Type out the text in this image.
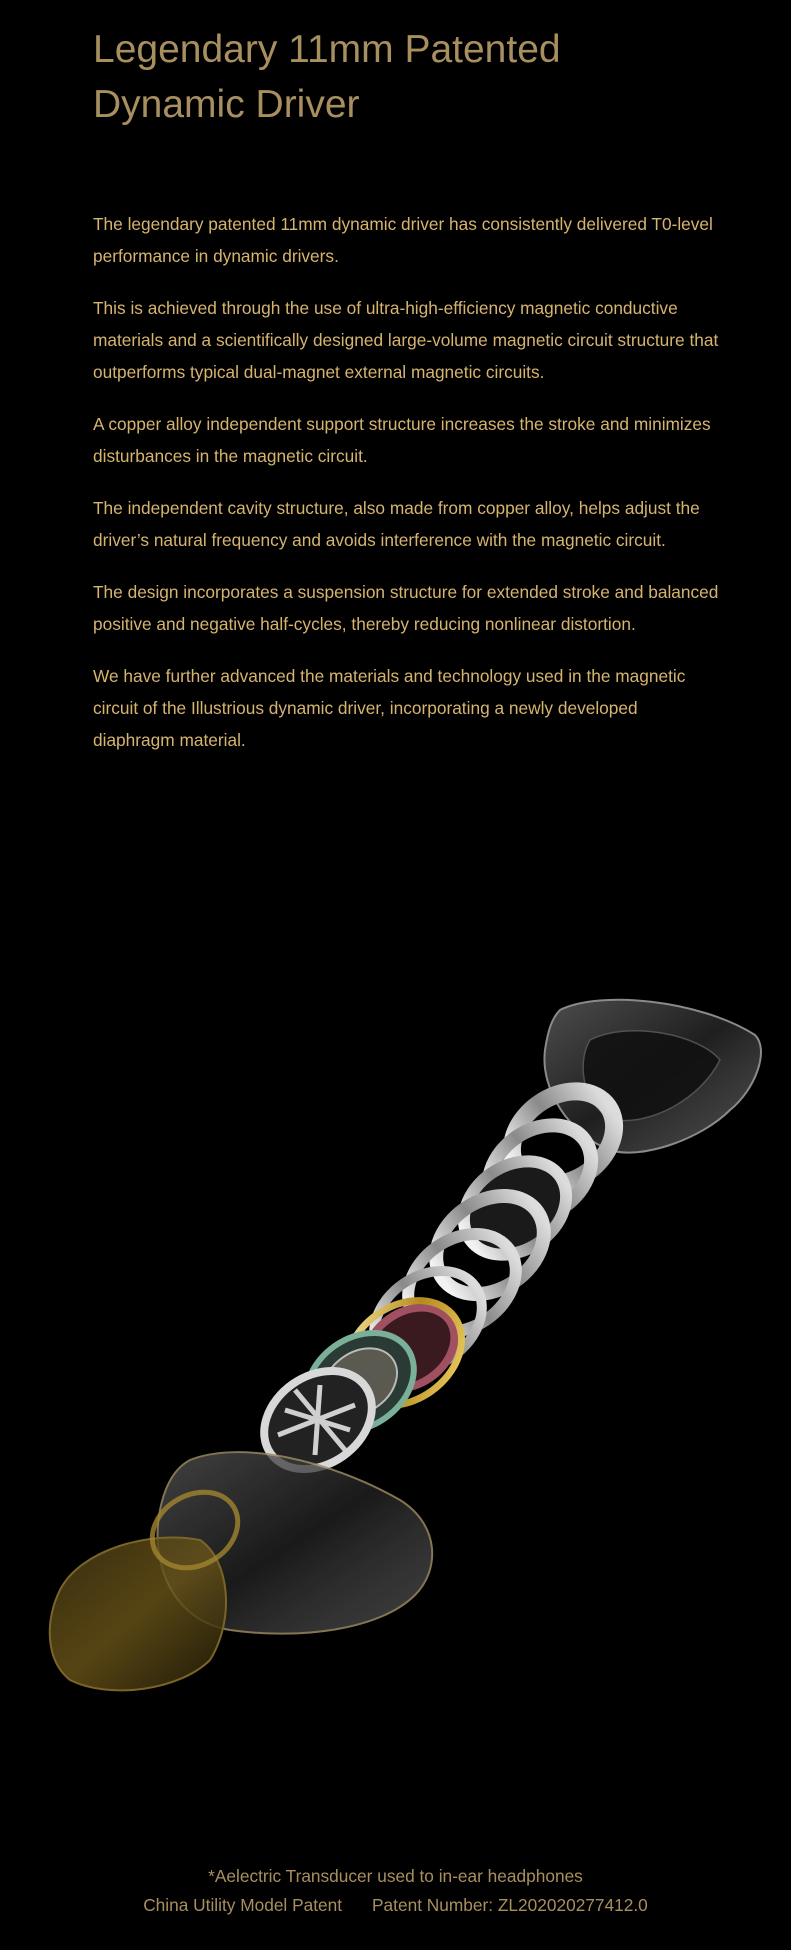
Legendary 11mm Patented Dynamic Driver

The legendary patented 11mm dynamic driver has consistently delivered T0-level performance in dynamic drivers.

This is achieved through the use of ultra-high-efficiency magnetic conductive materials and a scientifically designed large-volume magnetic circuit structure that outperforms typical dual-magnet external magnetic circuits.

A copper alloy independent support structure increases the stroke and minimizes disturbances in the magnetic circuit.

The independent cavity structure, also made from copper alloy, helps adjust the driver’s natural frequency and avoids interference with the magnetic circuit.

The design incorporates a suspension structure for extended stroke and balanced positive and negative half-cycles, thereby reducing nonlinear distortion.

We have further advanced the materials and technology used in the magnetic circuit of the Illustrious dynamic driver, incorporating a newly developed diaphragm material.

*Aelectric Transducer used to in-ear headphones
China Utility Model Patent Patent Number: ZL202020277412.0
